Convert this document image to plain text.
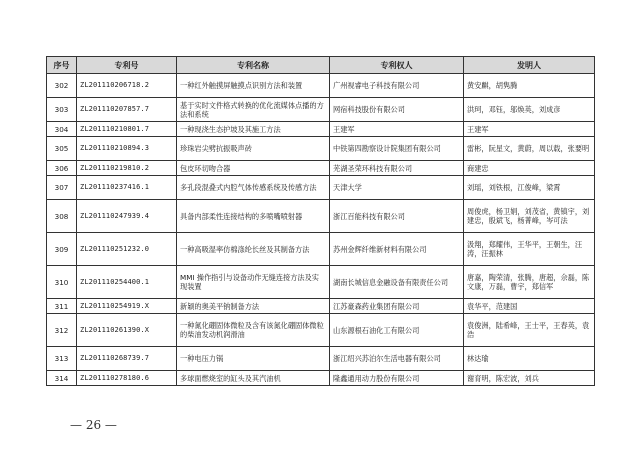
序号	专利号	专利名称	专利权人	发明人
302	ZL201110206718.2	一种红外触摸屏触摸点识别方法和装置	广州视睿电子科技有限公司	黄安麒，胡隽腾
303	ZL201110207857.7	基于实时文件格式转换的优化流媒体点播的方法和系统	网宿科技股份有限公司	洪珂，邓钰，邬焕英，刘成彦
304	ZL201110210801.7	一种现浇生态护坡及其施工方法	王建军	王建军
305	ZL201110210894.3	珍珠岩尖劈抗振吸声砖	中铁第四勘察设计院集团有限公司	雷彬，阮星文，黄蔚，周以载，张要明
306	ZL201110219810.2	包皮环切吻合器	芜湖圣荣环科技有限公司	商建忠
307	ZL201110237416.1	多孔段混叠式内腔气体传感系统及传感方法	天津大学	刘瑶，刘铁根，江俊峰，梁霄
308	ZL201110247939.4	具备内部柔性连接结构的多喷嘴喷射器	浙江百能科技有限公司	周俊虎，杨卫娟，刘茂省，黄镇宇，刘建忠，殷斌飞，杨菁峰，岑可法
309	ZL201110251232.0	一种高吸湿率仿棉涤纶长丝及其制备方法	苏州金辉纤维新材料有限公司	汲翔，郑耀伟，王华平，王朝生，汪涛，汪振林
310	ZL201110254400.1	MMI 操作指引与设备动作无缝连接方法及实现装置	湖南长城信息金融设备有限责任公司	唐嘉，陶荣清，张腾，唐超，佘磊，陈文康，万磊，曹宇，郑信军
311	ZL201110254919.X	新颖的奥美平钠制备方法	江苏豪森药业集团有限公司	袁华平，范建国
312	ZL201110261390.X	一种氮化硼固体微粒及含有该氮化硼固体微粒的柴油发动机润滑油	山东源根石油化工有限公司	袁俊洲，陆希峰，王士平，王春英，袁浩
313	ZL201110268739.7	一种电压力锅	浙江绍兴苏泊尔生活电器有限公司	林达瑜
314	ZL201110278180.6	多球面燃烧室的缸头及其汽油机	隆鑫通用动力股份有限公司	谢育明，陈宏波，刘兵
— 26 —
